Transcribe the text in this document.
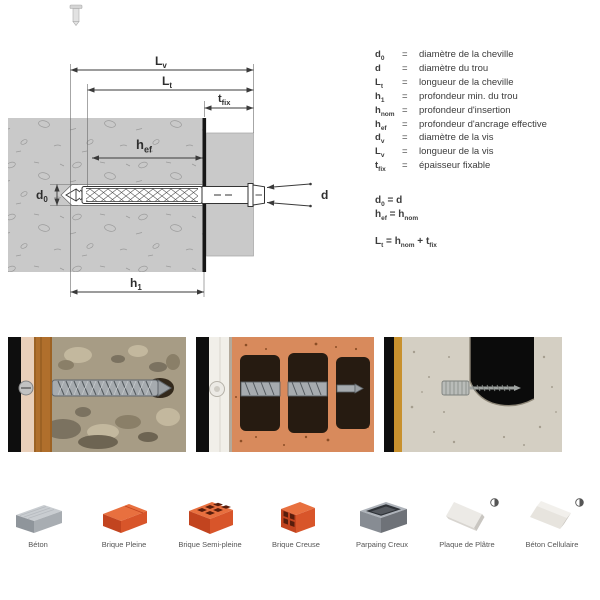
$L_v$
$L_t$
$t_{fix}$
$h_{ef}$
$h_1$
$d_0$	d
$d_0$	=	diamètre de la cheville
d	=	diamètre du trou
$L_t$	=	longueur de la cheville
$h_1$	=	profondeur min. du trou
$h_{nom}$ =	profondeur d'insertion
$h_{ef}$	=	profondeur d'ancrage effective
$d_v$	=	diamètre de la vis
$L_v$	=	longueur de la vis
$t_{fix}$	=	épaisseur fixable
$d_0 = d$
$h_{ef} = h_{nom}$
$L_t = h_{nom} + t_{fix}$
Béton	Brique Pleine	Brique Semi-pleine	Brique Creuse	Parpaing Creux	Plaque de Plâtre	Béton Cellulaire
